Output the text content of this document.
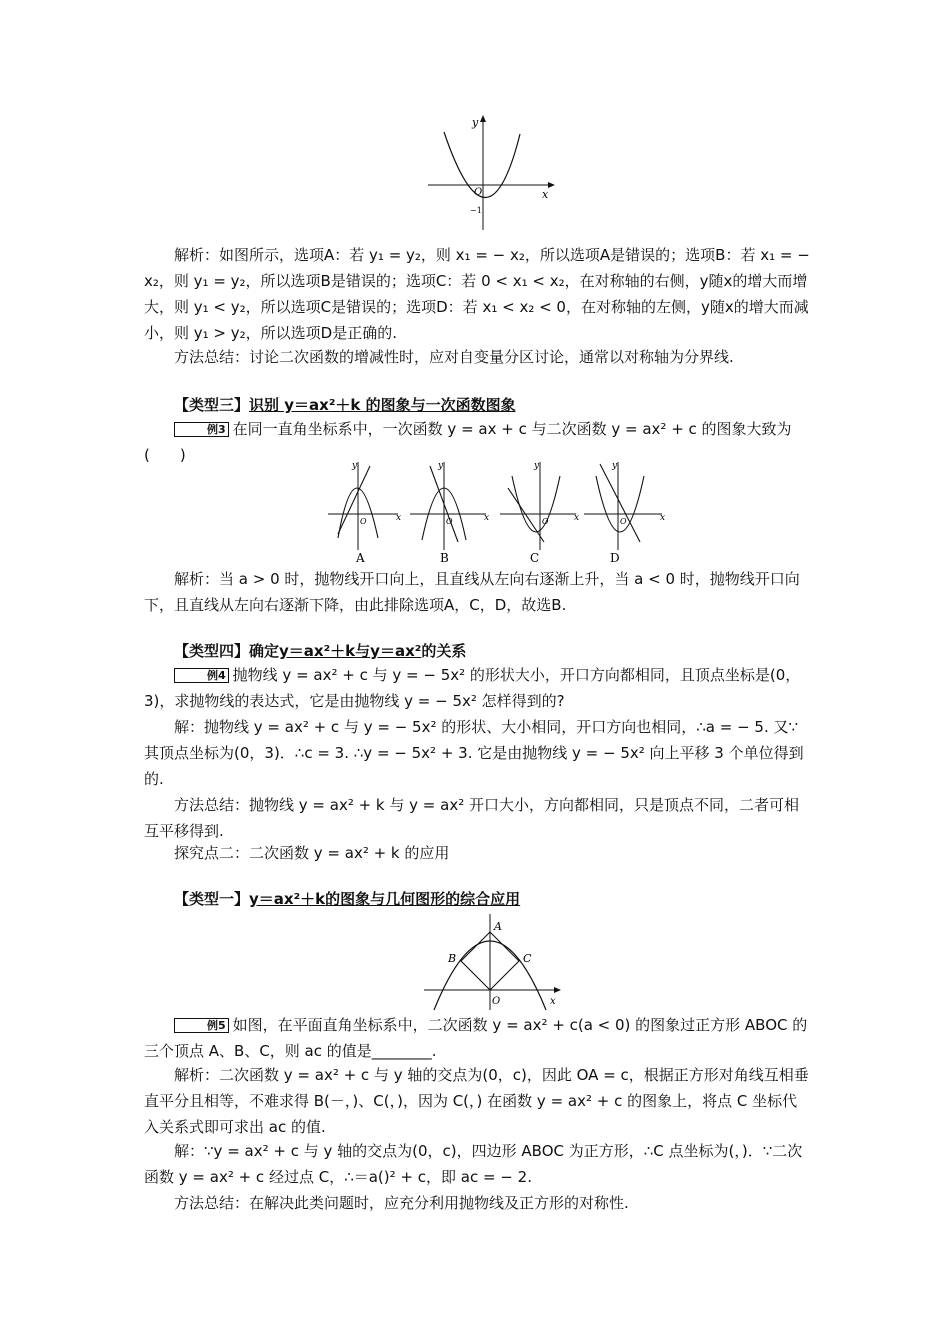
y
x
O
−1

解析：如图所示，选项A：若 y₁ = y₂，则 x₁ = − x₂，所以选项A是错误的；选项B：若 x₁ = − x₂，则 y₁ = y₂，所以选项B是错误的；选项C：若 0 < x₁ < x₂，在对称轴的右侧，y随x的增大而增大，则 y₁ < y₂，所以选项C是错误的；选项D：若 x₁ < x₂ < 0，在对称轴的左侧，y随x的增大而减小，则 y₁ > y₂，所以选项D是正确的.

方法总结：讨论二次函数的增减性时，应对自变量分区讨论，通常以对称轴为分界线.

【类型三】识别 y＝ax²＋k 的图象与一次函数图象

例3 在同一直角坐标系中，一次函数 y = ax + c 与二次函数 y = ax² + c 的图象大致为(　　)

y
x
O
y
x
O
y
x
O
y
x
O
A	B	C	D

解析：当 a > 0 时，抛物线开口向上，且直线从左向右逐渐上升，当 a < 0 时，抛物线开口向下，且直线从左向右逐渐下降，由此排除选项A，C，D，故选B.

【类型四】确定y＝ax²＋k与y＝ax²的关系

例4 抛物线 y = ax² + c 与 y = − 5x² 的形状大小，开口方向都相同，且顶点坐标是(0，3)，求抛物线的表达式，它是由抛物线 y = − 5x² 怎样得到的?

解：抛物线 y = ax² + c 与 y = − 5x² 的形状、大小相同，开口方向也相同，∴a = − 5. 又∵其顶点坐标为(0，3)．∴c = 3. ∴y = − 5x² + 3. 它是由抛物线 y = − 5x² 向上平移 3 个单位得到的.

方法总结：抛物线 y = ax² + k 与 y = ax² 开口大小，方向都相同，只是顶点不同，二者可相互平移得到.

探究点二：二次函数 y = ax² + k 的应用

【类型一】y＝ax²＋k的图象与几何图形的综合应用

A
B	C
O	x

例5 如图，在平面直角坐标系中，二次函数 y = ax² + c(a < 0) 的图象过正方形 ABOC 的三个顶点 A、B、C，则 ac 的值是________.

解析：二次函数 y = ax² + c 与 y 轴的交点为(0，c)，因此 OA = c，根据正方形对角线互相垂直平分且相等，不难求得 B(－，)、C(，)，因为 C(，) 在函数 y = ax² + c 的图象上，将点 C 坐标代入关系式即可求出 ac 的值.

解：∵y = ax² + c 与 y 轴的交点为(0，c)，四边形 ABOC 为正方形，∴C 点坐标为(，)．∵二次函数 y = ax² + c 经过点 C，∴＝a()² + c，即 ac = − 2.

方法总结：在解决此类问题时，应充分利用抛物线及正方形的对称性.
